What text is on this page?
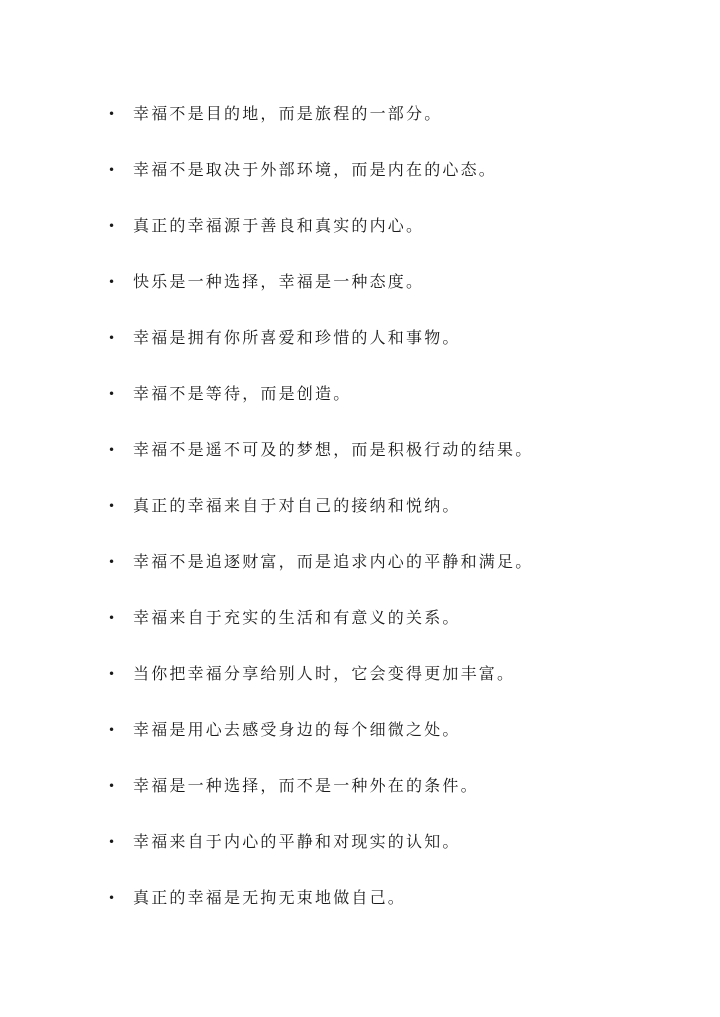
•	幸福不是目的地，而是旅程的一部分。
•	幸福不是取决于外部环境，而是内在的心态。
•	真正的幸福源于善良和真实的内心。
•	快乐是一种选择，幸福是一种态度。
•	幸福是拥有你所喜爱和珍惜的人和事物。
•	幸福不是等待，而是创造。
•	幸福不是遥不可及的梦想，而是积极行动的结果。
•	真正的幸福来自于对自己的接纳和悦纳。
•	幸福不是追逐财富，而是追求内心的平静和满足。
•	幸福来自于充实的生活和有意义的关系。
•	当你把幸福分享给别人时，它会变得更加丰富。
•	幸福是用心去感受身边的每个细微之处。
•	幸福是一种选择，而不是一种外在的条件。
•	幸福来自于内心的平静和对现实的认知。
•	真正的幸福是无拘无束地做自己。
